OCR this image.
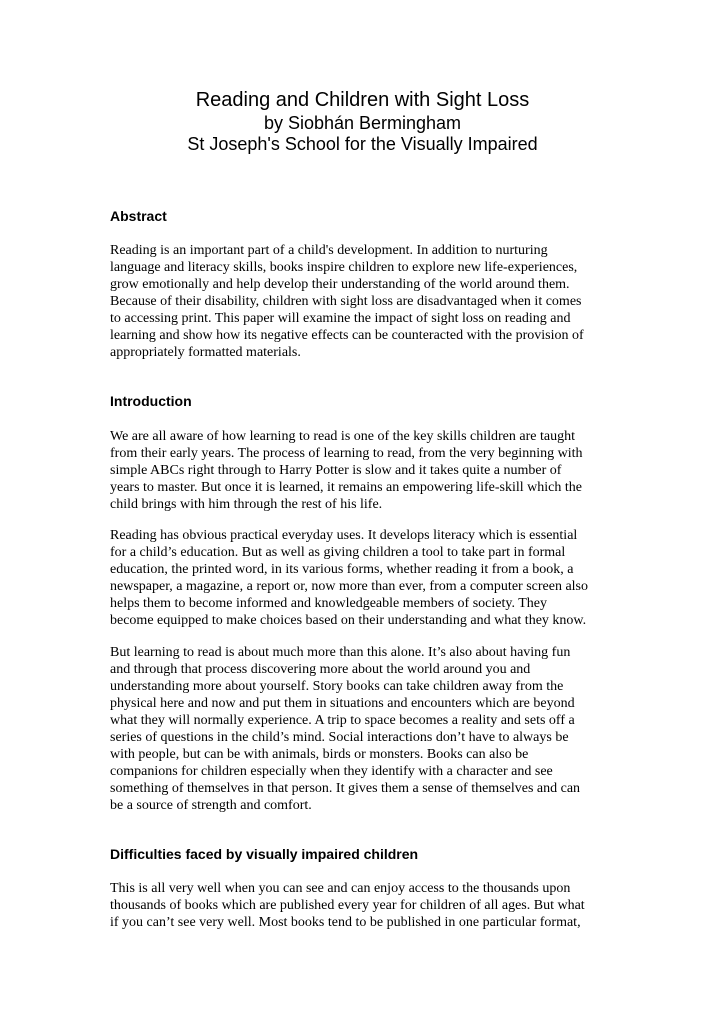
Reading and Children with Sight Loss
by Siobhán Bermingham
St Joseph's School for the Visually Impaired
Abstract

Reading is an important part of a child's development. In addition to nurturing
language and literacy skills, books inspire children to explore new life-experiences,
grow emotionally and help develop their understanding of the world around them.
Because of their disability, children with sight loss are disadvantaged when it comes
to accessing print. This paper will examine the impact of sight loss on reading and
learning and show how its negative effects can be counteracted with the provision of
appropriately formatted materials.

Introduction

We are all aware of how learning to read is one of the key skills children are taught
from their early years. The process of learning to read, from the very beginning with
simple ABCs right through to Harry Potter is slow and it takes quite a number of
years to master. But once it is learned, it remains an empowering life-skill which the
child brings with him through the rest of his life.

Reading has obvious practical everyday uses. It develops literacy which is essential
for a child’s education. But as well as giving children a tool to take part in formal
education, the printed word, in its various forms, whether reading it from a book, a
newspaper, a magazine, a report or, now more than ever, from a computer screen also
helps them to become informed and knowledgeable members of society. They
become equipped to make choices based on their understanding and what they know.

But learning to read is about much more than this alone. It’s also about having fun
and through that process discovering more about the world around you and
understanding more about yourself. Story books can take children away from the
physical here and now and put them in situations and encounters which are beyond
what they will normally experience. A trip to space becomes a reality and sets off a
series of questions in the child’s mind. Social interactions don’t have to always be
with people, but can be with animals, birds or monsters. Books can also be
companions for children especially when they identify with a character and see
something of themselves in that person. It gives them a sense of themselves and can
be a source of strength and comfort.

Difficulties faced by visually impaired children

This is all very well when you can see and can enjoy access to the thousands upon
thousands of books which are published every year for children of all ages. But what
if you can’t see very well. Most books tend to be published in one particular format,
